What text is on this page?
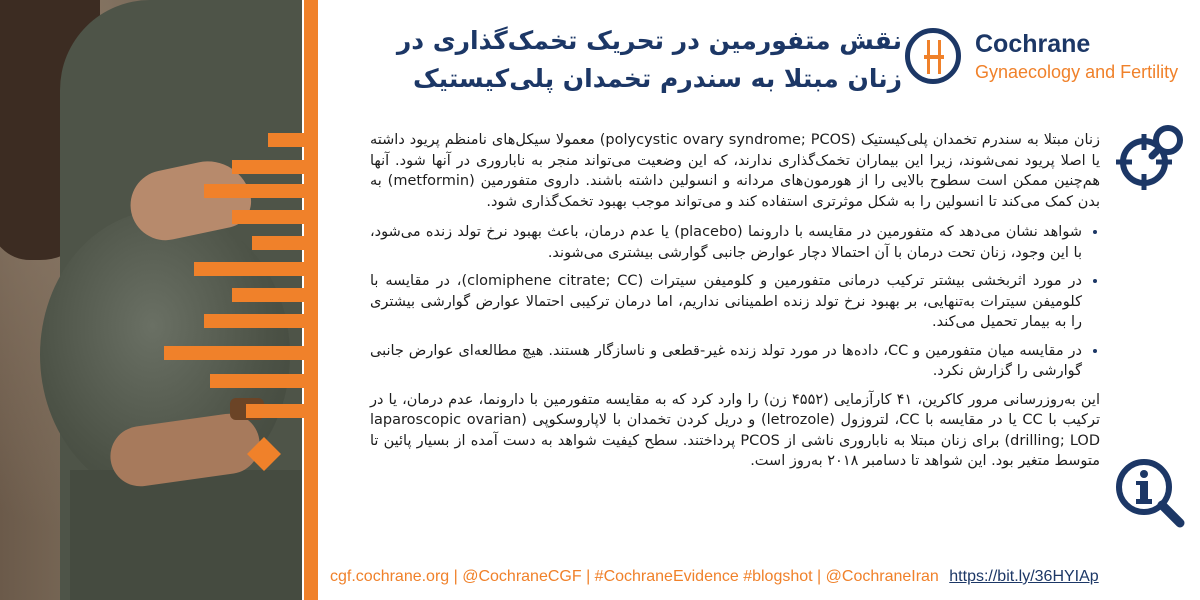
نقش متفورمین در تحریک تخمک‌گذاری در
زنان مبتلا به سندرم تخمدان پلی‌کیستیک
Cochrane
Gynaecology and Fertility

زنان مبتلا به سندرم تخمدان پلی‌کیستیک (polycystic ovary syndrome; PCOS) معمولا سیکل‌های نامنظم پریود داشته یا اصلا پریود نمی‌شوند، زیرا این بیماران تخمک‌گذاری ندارند، که این وضعیت می‌تواند منجر به ناباروری در آنها شود. آنها هم‌چنین ممکن است سطوح بالایی را از هورمون‌های مردانه و انسولین داشته باشند. داروی متفورمین (metformin) به بدن کمک می‌کند تا انسولین را به شکل موثرتری استفاده کند و می‌تواند موجب بهبود تخمک‌گذاری شود.

• شواهد نشان می‌دهد که متفورمین در مقایسه با دارونما (placebo) یا عدم درمان، باعث بهبود نرخ تولد زنده می‌شود، با این وجود، زنان تحت درمان با آن احتمالا دچار عوارض جانبی گوارشی بیشتری می‌شوند.
• در مورد اثربخشی بیشتر ترکیب درمانی متفورمین و کلومیفن سیترات (clomiphene citrate; CC)، در مقایسه با کلومیفن سیترات به‌تنهایی، بر بهبود نرخ تولد زنده اطمینانی نداریم، اما درمان ترکیبی احتمالا عوارض گوارشی بیشتری را به بیمار تحمیل می‌کند.
• در مقایسه میان متفورمین و CC، داده‌ها در مورد تولد زنده غیر-قطعی و ناسازگار هستند. هیچ مطالعه‌ای عوارض جانبی گوارشی را گزارش نکرد.

این به‌روزرسانی مرور کاکرین، ۴۱ کارآزمایی (۴۵۵۲ زن) را وارد کرد که به مقایسه متفورمین با دارونما، عدم درمان، یا در ترکیب با CC یا در مقایسه با CC، لتروزول (letrozole) و دریل کردن تخمدان با لاپاروسکوپی (laparoscopic ovarian drilling; LOD) برای زنان مبتلا به ناباروری ناشی از PCOS پرداختند. سطح کیفیت شواهد به دست آمده از بسیار پائین تا متوسط متغیر بود. این شواهد تا دسامبر ۲۰۱۸ به‌روز است.

cgf.cochrane.org | @CochraneCGF | #CochraneEvidence #blogshot | @CochraneIran https://bit.ly/36HYIAp
